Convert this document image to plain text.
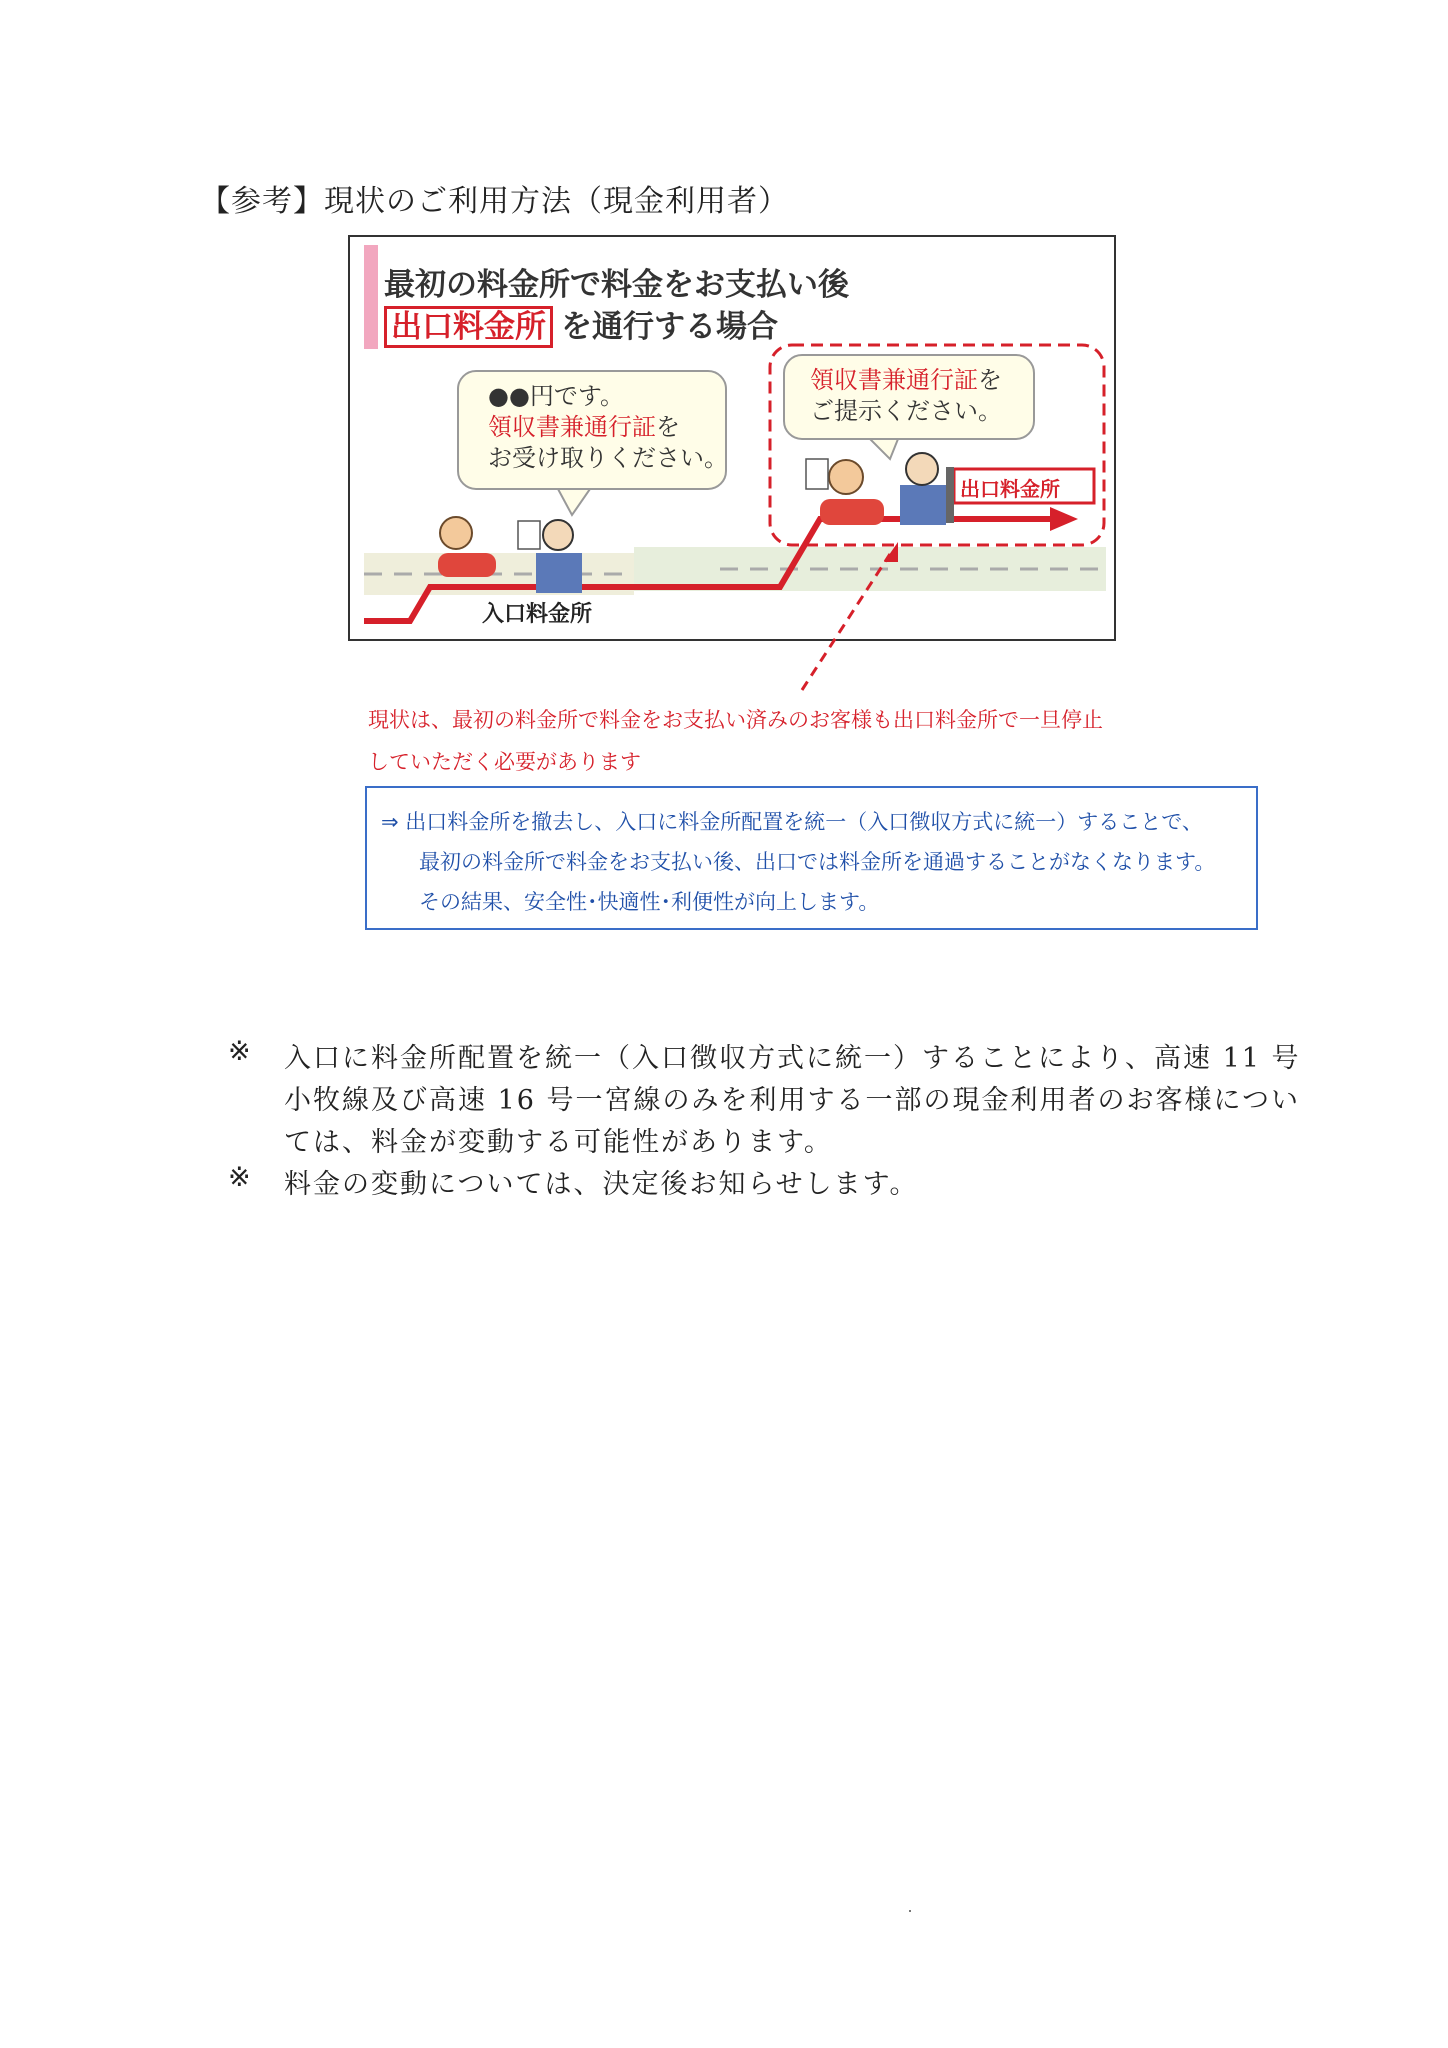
【参考】現状のご利用方法（現金利用者）
最初の料金所で料金をお支払い後
出口料金所 を通行する場合
●●円です。
領収書兼通行証を
お受け取りください。
領収書兼通行証を
ご提示ください。
入口料金所
出口料金所
現状は、最初の料金所で料金をお支払い済みのお客様も出口料金所で一旦停止
していただく必要があります
⇒ 出口料金所を撤去し、入口に料金所配置を統一（入口徴収方式に統一）することで、
最初の料金所で料金をお支払い後、出口では料金所を通過することがなくなります。
その結果、安全性･快適性･利便性が向上します。
※ 入口に料金所配置を統一（入口徴収方式に統一）することにより、高速 11 号
小牧線及び高速 16 号一宮線のみを利用する一部の現金利用者のお客様につい
ては、料金が変動する可能性があります。
※ 料金の変動については、決定後お知らせします。
